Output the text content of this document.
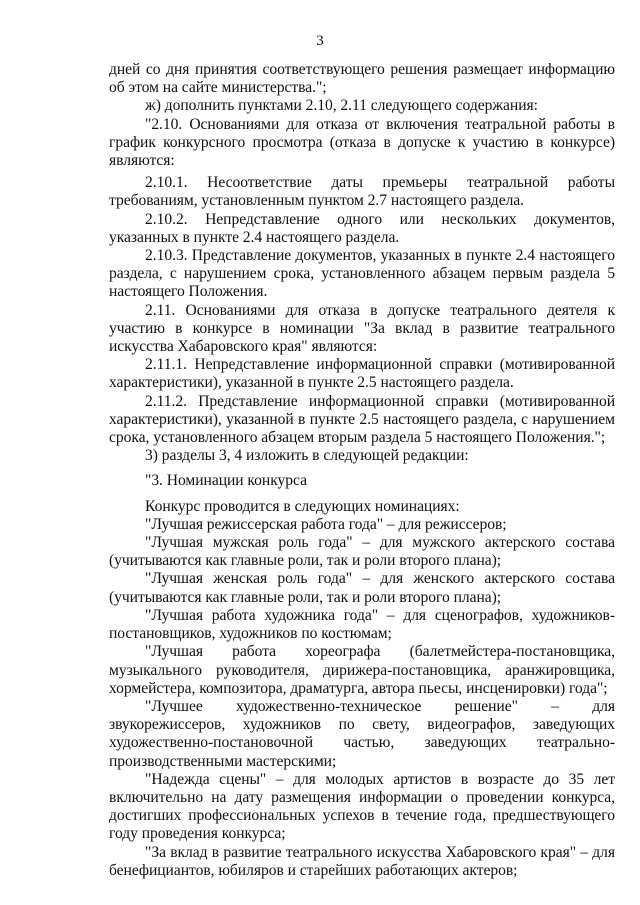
3

дней со дня принятия соответствующего решения размещает информацию об этом на сайте министерства.";

ж) дополнить пунктами 2.10, 2.11 следующего содержания:

"2.10. Основаниями для отказа от включения театральной работы в график конкурсного просмотра (отказа в допуске к участию в конкурсе) являются:

2.10.1. Несоответствие даты премьеры театральной работы требованиям, установленным пунктом 2.7 настоящего раздела.

2.10.2. Непредставление одного или нескольких документов, указанных в пункте 2.4 настоящего раздела.

2.10.3. Представление документов, указанных в пункте 2.4 настоящего раздела, с нарушением срока, установленного абзацем первым раздела 5 настоящего Положения.

2.11. Основаниями для отказа в допуске театрального деятеля к участию в конкурсе в номинации "За вклад в развитие театрального искусства Хабаровского края" являются:

2.11.1. Непредставление информационной справки (мотивированной характеристики), указанной в пункте 2.5 настоящего раздела.

2.11.2. Представление информационной справки (мотивированной характеристики), указанной в пункте 2.5 настоящего раздела, с нарушением срока, установленного абзацем вторым раздела 5 настоящего Положения.";

3) разделы 3, 4 изложить в следующей редакции:

"3. Номинации конкурса

Конкурс проводится в следующих номинациях:

"Лучшая режиссерская работа года" – для режиссеров;

"Лучшая мужская роль года" – для мужского актерского состава (учитываются как главные роли, так и роли второго плана);

"Лучшая женская роль года" – для женского актерского состава (учитываются как главные роли, так и роли второго плана);

"Лучшая работа художника года" – для сценографов, художников-постановщиков, художников по костюмам;

"Лучшая работа хореографа (балетмейстера-постановщика, музыкального руководителя, дирижера-постановщика, аранжировщика, хормейстера, композитора, драматурга, автора пьесы, инсценировки) года";

"Лучшее художественно-техническое решение" – для звукорежиссеров, художников по свету, видеографов, заведующих художественно-постановочной частью, заведующих театрально-производственными мастерскими;

"Надежда сцены" – для молодых артистов в возрасте до 35 лет включительно на дату размещения информации о проведении конкурса, достигших профессиональных успехов в течение года, предшествующего году проведения конкурса;

"За вклад в развитие театрального искусства Хабаровского края" – для бенефициантов, юбиляров и старейших работающих актеров;
